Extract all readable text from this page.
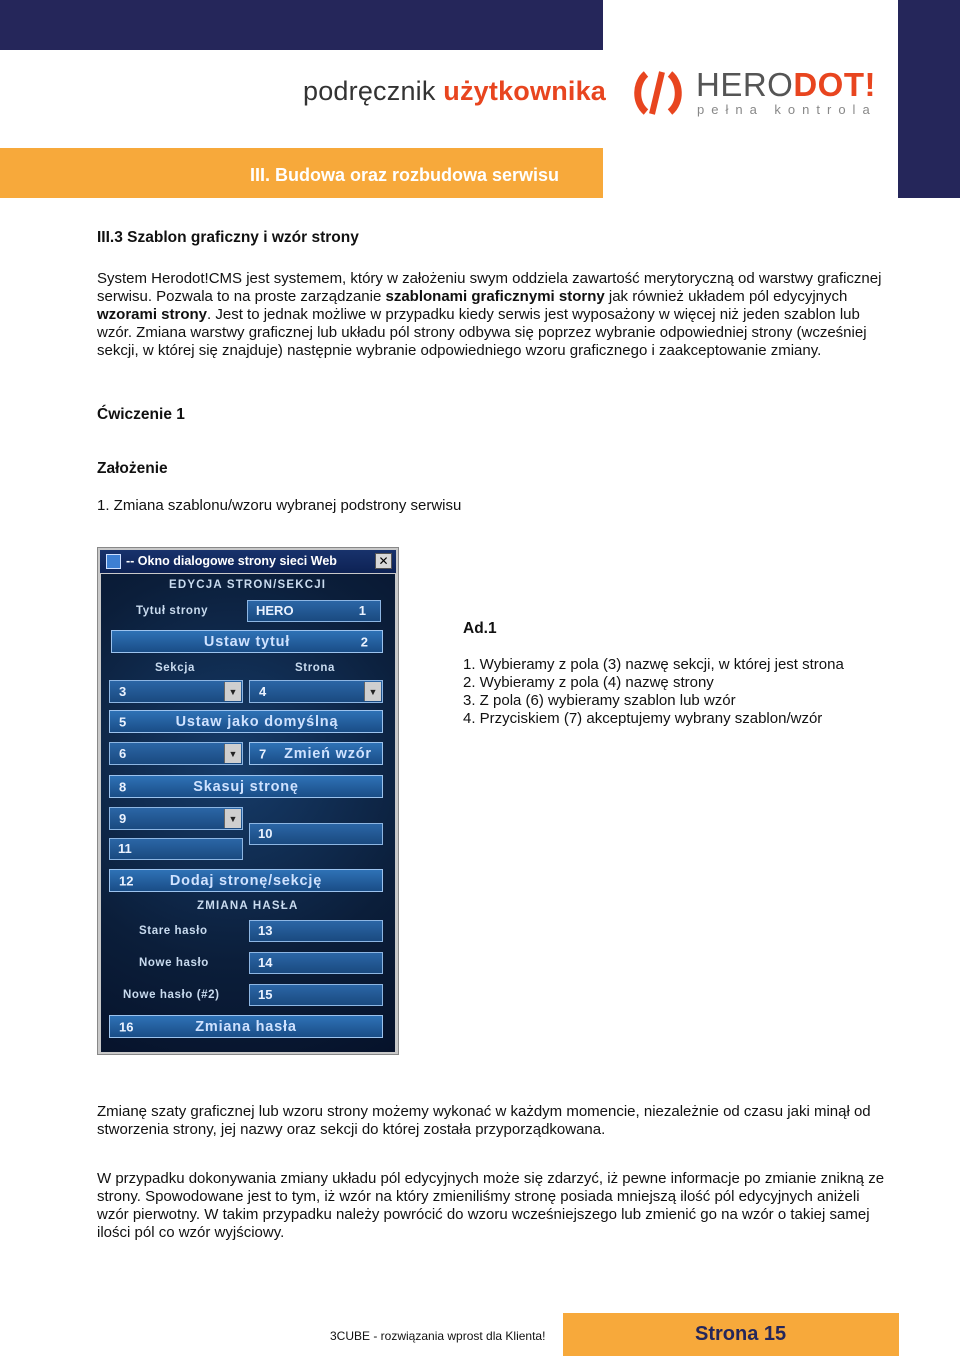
podręcznik użytkownika	HERODOT!
pełna kontrola
III. Budowa oraz rozbudowa serwisu
III.3 Szablon graficzny i wzór strony
System Herodot!CMS jest systemem, który w założeniu swym oddziela zawartość merytoryczną od warstwy graficznej serwisu. Pozwala to na proste zarządzanie szablonami graficznymi storny jak również układem pól edycyjnych wzorami strony. Jest to jednak możliwe w przypadku kiedy serwis jest wyposażony w więcej niż jeden szablon lub wzór. Zmiana warstwy graficznej lub układu pól strony odbywa się poprzez wybranie odpowiedniej strony (wcześniej sekcji, w której się znajduje) następnie wybranie odpowiedniego wzoru graficznego i zaakceptowanie zmiany.
Ćwiczenie 1
Założenie
1. Zmiana szablonu/wzoru wybranej podstrony serwisu
-- Okno dialogowe strony sieci Web	✕
EDYCJA STRON/SEKCJI
Tytuł strony	HERO	1
Ustaw tytuł	2
Sekcja	Strona
3	▼	4	▼
5	Ustaw jako domyślną
6	▼ 7	Zmień wzór
8	Skasuj stronę
9	▼
10
11
12	Dodaj stronę/sekcję
ZMIANA HASŁA
Stare hasło	13
Nowe hasło	14
Nowe hasło (#2)	15
16	Zmiana hasła
Ad.1
1. Wybieramy z pola (3) nazwę sekcji, w której jest strona
2. Wybieramy z pola (4) nazwę strony
3. Z pola (6) wybieramy szablon lub wzór
4. Przyciskiem (7) akceptujemy wybrany szablon/wzór
Zmianę szaty graficznej lub wzoru strony możemy wykonać w każdym momencie, niezależnie od czasu jaki minął od stworzenia strony, jej nazwy oraz sekcji do której została przyporządkowana.
W przypadku dokonywania zmiany układu pól edycyjnych może się zdarzyć, iż pewne informacje po zmianie znikną ze strony. Spowodowane jest to tym, iż wzór na który zmieniliśmy stronę posiada mniejszą ilość pól edycyjnych aniżeli wzór pierwotny. W takim przypadku należy powrócić do wzoru wcześniejszego lub zmienić go na wzór o takiej samej ilości pól co wzór wyjściowy.
3CUBE - rozwiązania wprost dla Klienta!	Strona 15
